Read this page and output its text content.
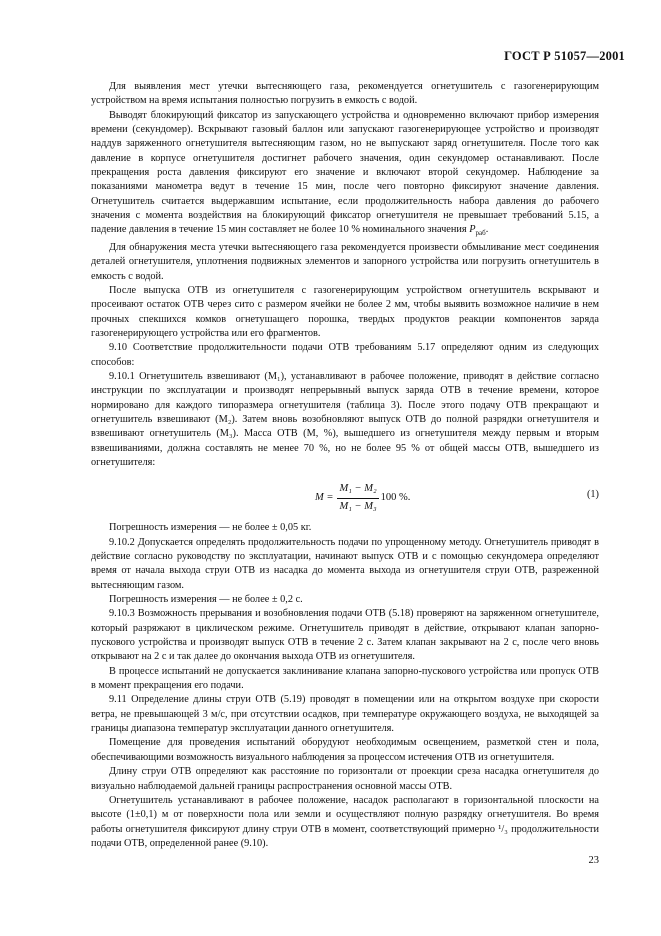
ГОСТ Р 51057—2001

Для выявления мест утечки вытесняющего газа, рекомендуется огнетушитель с газогенерирующим устройством на время испытания полностью погрузить в емкость с водой.

Выводят блокирующий фиксатор из запускающего устройства и одновременно включают прибор измерения времени (секундомер). Вскрывают газовый баллон или запускают газогенерирующее устройство и производят наддув заряженного огнетушителя вытесняющим газом, но не выпускают заряд огнетушителя. После того как давление в корпусе огнетушителя достигнет рабочего значения, один секундомер останавливают. После прекращения роста давления фиксируют его значение и включают второй секундомер. Наблюдение за показаниями манометра ведут в течение 15 мин, после чего повторно фиксируют значение давления. Огнетушитель считается выдержавшим испытание, если продолжительность набора давления до рабочего значения с момента воздействия на блокирующий фиксатор огнетушителя не превышает требований 5.15, а падение давления в течение 15 мин составляет не более 10 % номинального значения $P_{раб}$.

Для обнаружения места утечки вытесняющего газа рекомендуется произвести обмыливание мест соединения деталей огнетушителя, уплотнения подвижных элементов и запорного устройства или погрузить огнетушитель в емкость с водой.

После выпуска ОТВ из огнетушителя с газогенерирующим устройством огнетушитель вскрывают и просеивают остаток ОТВ через сито с размером ячейки не более 2 мм, чтобы выявить возможное наличие в нем прочных спекшихся комков огнетушащего порошка, твердых продуктов реакции компонентов заряда газогенерирующего устройства или его фрагментов.

9.10 Соответствие продолжительности подачи ОТВ требованиям 5.17 определяют одним из следующих способов:

9.10.1 Огнетушитель взвешивают (M₁), устанавливают в рабочее положение, приводят в действие согласно инструкции по эксплуатации и производят непрерывный выпуск заряда ОТВ в течение времени, которое нормировано для каждого типоразмера огнетушителя (таблица 3). После этого подачу ОТВ прекращают и огнетушитель взвешивают (M₂). Затем вновь возобновляют выпуск ОТВ до полной разрядки огнетушителя и взвешивают огнетушитель (M₃). Масса ОТВ (M, %), вышедшего из огнетушителя между первым и вторым взвешиваниями, должна составлять не менее 70 %, но не более 95 % от общей массы ОТВ, вышедшего из огнетушителя:

$M = \frac{\text{M₁ − M₂}}{\text{M₁ − M₃}} 100$ %.	(1)

Погрешность измерения — не более ± 0,05 кг.

9.10.2 Допускается определять продолжительность подачи по упрощенному методу. Огнетушитель приводят в действие согласно руководству по эксплуатации, начинают выпуск ОТВ и с помощью секундомера определяют время от начала выхода струи ОТВ из насадка до момента выхода из огнетушителя струи ОТВ, разреженной вытесняющим газом.

Погрешность измерения — не более ± 0,2 с.

9.10.3 Возможность прерывания и возобновления подачи ОТВ (5.18) проверяют на заряженном огнетушителе, который разряжают в циклическом режиме. Огнетушитель приводят в действие, открывают клапан запорно-пускового устройства и производят выпуск ОТВ в течение 2 с. Затем клапан закрывают на 2 с, после чего вновь открывают на 2 с и так далее до окончания выхода ОТВ из огнетушителя.

В процессе испытаний не допускается заклинивание клапана запорно-пускового устройства или пропуск ОТВ в момент прекращения его подачи.

9.11 Определение длины струи ОТВ (5.19) проводят в помещении или на открытом воздухе при скорости ветра, не превышающей 3 м/с, при отсутствии осадков, при температуре окружающего воздуха, не выходящей за границы диапазона температур эксплуатации данного огнетушителя.

Помещение для проведения испытаний оборудуют необходимым освещением, разметкой стен и пола, обеспечивающими возможность визуального наблюдения за процессом истечения ОТВ из огнетушителя.

Длину струи ОТВ определяют как расстояние по горизонтали от проекции среза насадка огнетушителя до визуально наблюдаемой дальней границы распространения основной массы ОТВ.

Огнетушитель устанавливают в рабочее положение, насадок располагают в горизонтальной плоскости на высоте (1±0,1) м от поверхности пола или земли и осуществляют полную разрядку огнетушителя. Во время работы огнетушителя фиксируют длину струи ОТВ в момент, соответствующий примерно ¹/₃ продолжительности подачи ОТВ, определенной ранее (9.10).

23
